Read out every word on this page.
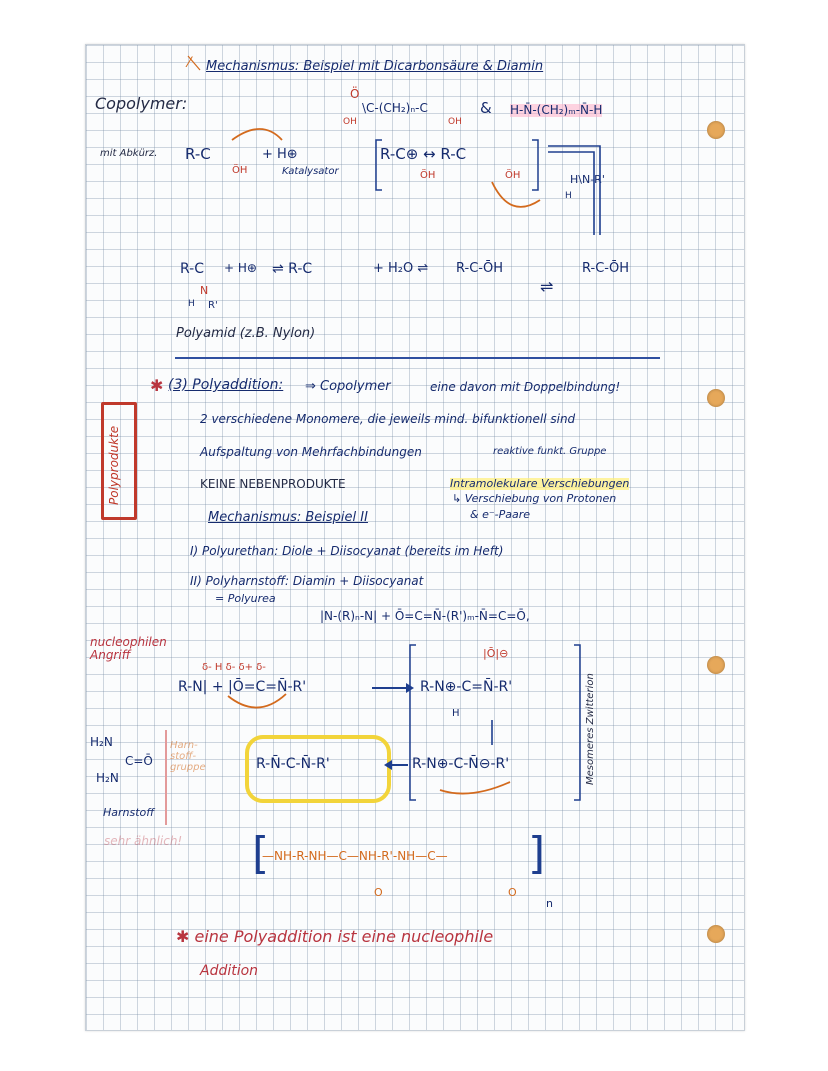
Mechanismus: Beispiel mit Dicarbonsäure & Diamin
⁄
Copolymer:
mit Abkürz.
Ö
\C-(CH₂)ₙ-C
OH	OH
& H-N̄-(CH₂)ₘ-N̄-H
R-C
ÖH
+ H⊕
Katalysator
R-C⊕ ↔ R-C
ÖH	ÖH	H\N-R'
H
R-C + H⊕ ⇌ R-C	+ H₂O ⇌ R-C-ŌH
⇌
R-C-ŌH
N
R'
H
Polyamid (z.B. Nylon)
✱ (3) Polyaddition: ⇒ Copolymer	eine davon mit Doppelbindung!
Polyprodukte
2 verschiedene Monomere, die jeweils mind. bifunktionell sind
Aufspaltung von Mehrfachbindungen	reaktive funkt. Gruppe
KEINE NEBENPRODUKTE	Intramolekulare Verschiebungen
↳ Verschiebung von Protonen
& e⁻-Paare
Mechanismus: Beispiel II
I) Polyurethan: Diole + Diisocyanat (bereits im Heft)
II) Polyharnstoff: Diamin + Diisocyanat
= Polyurea
|N-(R)ₙ-N| + Ō=C=N̄-(R')ₘ-N̄=C=Ō,
nucleophilen Angriff
δ- H δ- δ+ δ-
R-N| + |Ō=C=N̄-R'	R-N⊕-C=N̄-R'
|Ō|⊖
H
R-N̄-C-N̄-R'	R-N⊕-C-N̄⊖-R'	Mesomeres Zwitterion
H₂N
C=Ō
H₂N
Harnstoff
Harn-stoff-gruppe
sehr ähnlich! [
—NH-R-NH—C—NH-R'-NH—C—
O	O
]
n
✱ eine Polyaddition ist eine nucleophile
Addition
